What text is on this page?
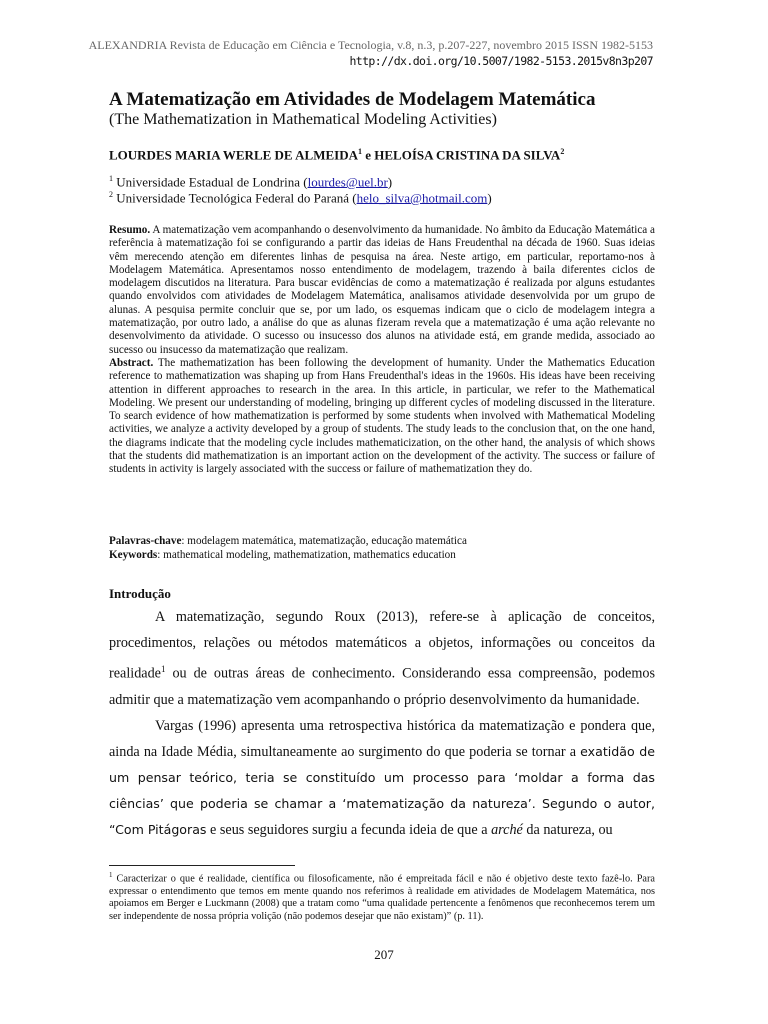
ALEXANDRIA Revista de Educação em Ciência e Tecnologia, v.8, n.3, p.207-227, novembro 2015 ISSN 1982-5153
http://dx.doi.org/10.5007/1982-5153.2015v8n3p207
A Matematização em Atividades de Modelagem Matemática
(The Mathematization in Mathematical Modeling Activities)

LOURDES MARIA WERLE DE ALMEIDA$^1$ e HELOÍSA CRISTINA DA SILVA$^2$

$^1$ Universidade Estadual de Londrina (lourdes@uel.br)

$^2$ Universidade Tecnológica Federal do Paraná (helo_silva@hotmail.com)

Resumo. A matematização vem acompanhando o desenvolvimento da humanidade. No âmbito da Educação Matemática a referência à matematização foi se configurando a partir das ideias de Hans Freudenthal na década de 1960. Suas ideias vêm merecendo atenção em diferentes linhas de pesquisa na área. Neste artigo, em particular, reportamo-nos à Modelagem Matemática. Apresentamos nosso entendimento de modelagem, trazendo à baila diferentes ciclos de modelagem discutidos na literatura. Para buscar evidências de como a matematização é realizada por alguns estudantes quando envolvidos com atividades de Modelagem Matemática, analisamos atividade desenvolvida por um grupo de alunas. A pesquisa permite concluir que se, por um lado, os esquemas indicam que o ciclo de modelagem integra a matematização, por outro lado, a análise do que as alunas fizeram revela que a matematização é uma ação relevante no desenvolvimento da atividade. O sucesso ou insucesso dos alunos na atividade está, em grande medida, associado ao sucesso ou insucesso da matematização que realizam.

Abstract. The mathematization has been following the development of humanity. Under the Mathematics Education reference to mathematization was shaping up from Hans Freudenthal's ideas in the 1960s. His ideas have been receiving attention in different approaches to research in the area. In this article, in particular, we refer to the Mathematical Modeling. We present our understanding of modeling, bringing up different cycles of modeling discussed in the literature. To search evidence of how mathematization is performed by some students when involved with Mathematical Modeling activities, we analyze a activity developed by a group of students. The study leads to the conclusion that, on the one hand, the diagrams indicate that the modeling cycle includes mathematicization, on the other hand, the analysis of which shows that the students did mathematization is an important action on the development of the activity. The success or failure of students in activity is largely associated with the success or failure of mathematization they do.

Palavras-chave: modelagem matemática, matematização, educação matemática

Keywords: mathematical modeling, mathematization, mathematics education

Introdução

A matematização, segundo Roux (2013), refere-se à aplicação de conceitos, procedimentos, relações ou métodos matemáticos a objetos, informações ou conceitos da realidade$^1$ ou de outras áreas de conhecimento. Considerando essa compreensão, podemos admitir que a matematização vem acompanhando o próprio desenvolvimento da humanidade.

Vargas (1996) apresenta uma retrospectiva histórica da matematização e pondera que, ainda na Idade Média, simultaneamente ao surgimento do que poderia se tornar a exatidão de um pensar teórico, teria se constituído um processo para ‘moldar a forma das ciências’ que poderia se chamar a ‘matematização da natureza’. Segundo o autor, “Com Pitágoras e seus seguidores surgiu a fecunda ideia de que a arché da natureza, ou

$^1$ Caracterizar o que é realidade, científica ou filosoficamente, não é empreitada fácil e não é objetivo deste texto fazê-lo. Para expressar o entendimento que temos em mente quando nos referimos à realidade em atividades de Modelagem Matemática, nos apoiamos em Berger e Luckmann (2008) que a tratam como “uma qualidade pertencente a fenômenos que reconhecemos terem um ser independente de nossa própria volição (não podemos desejar que não existam)” (p. 11).

207
